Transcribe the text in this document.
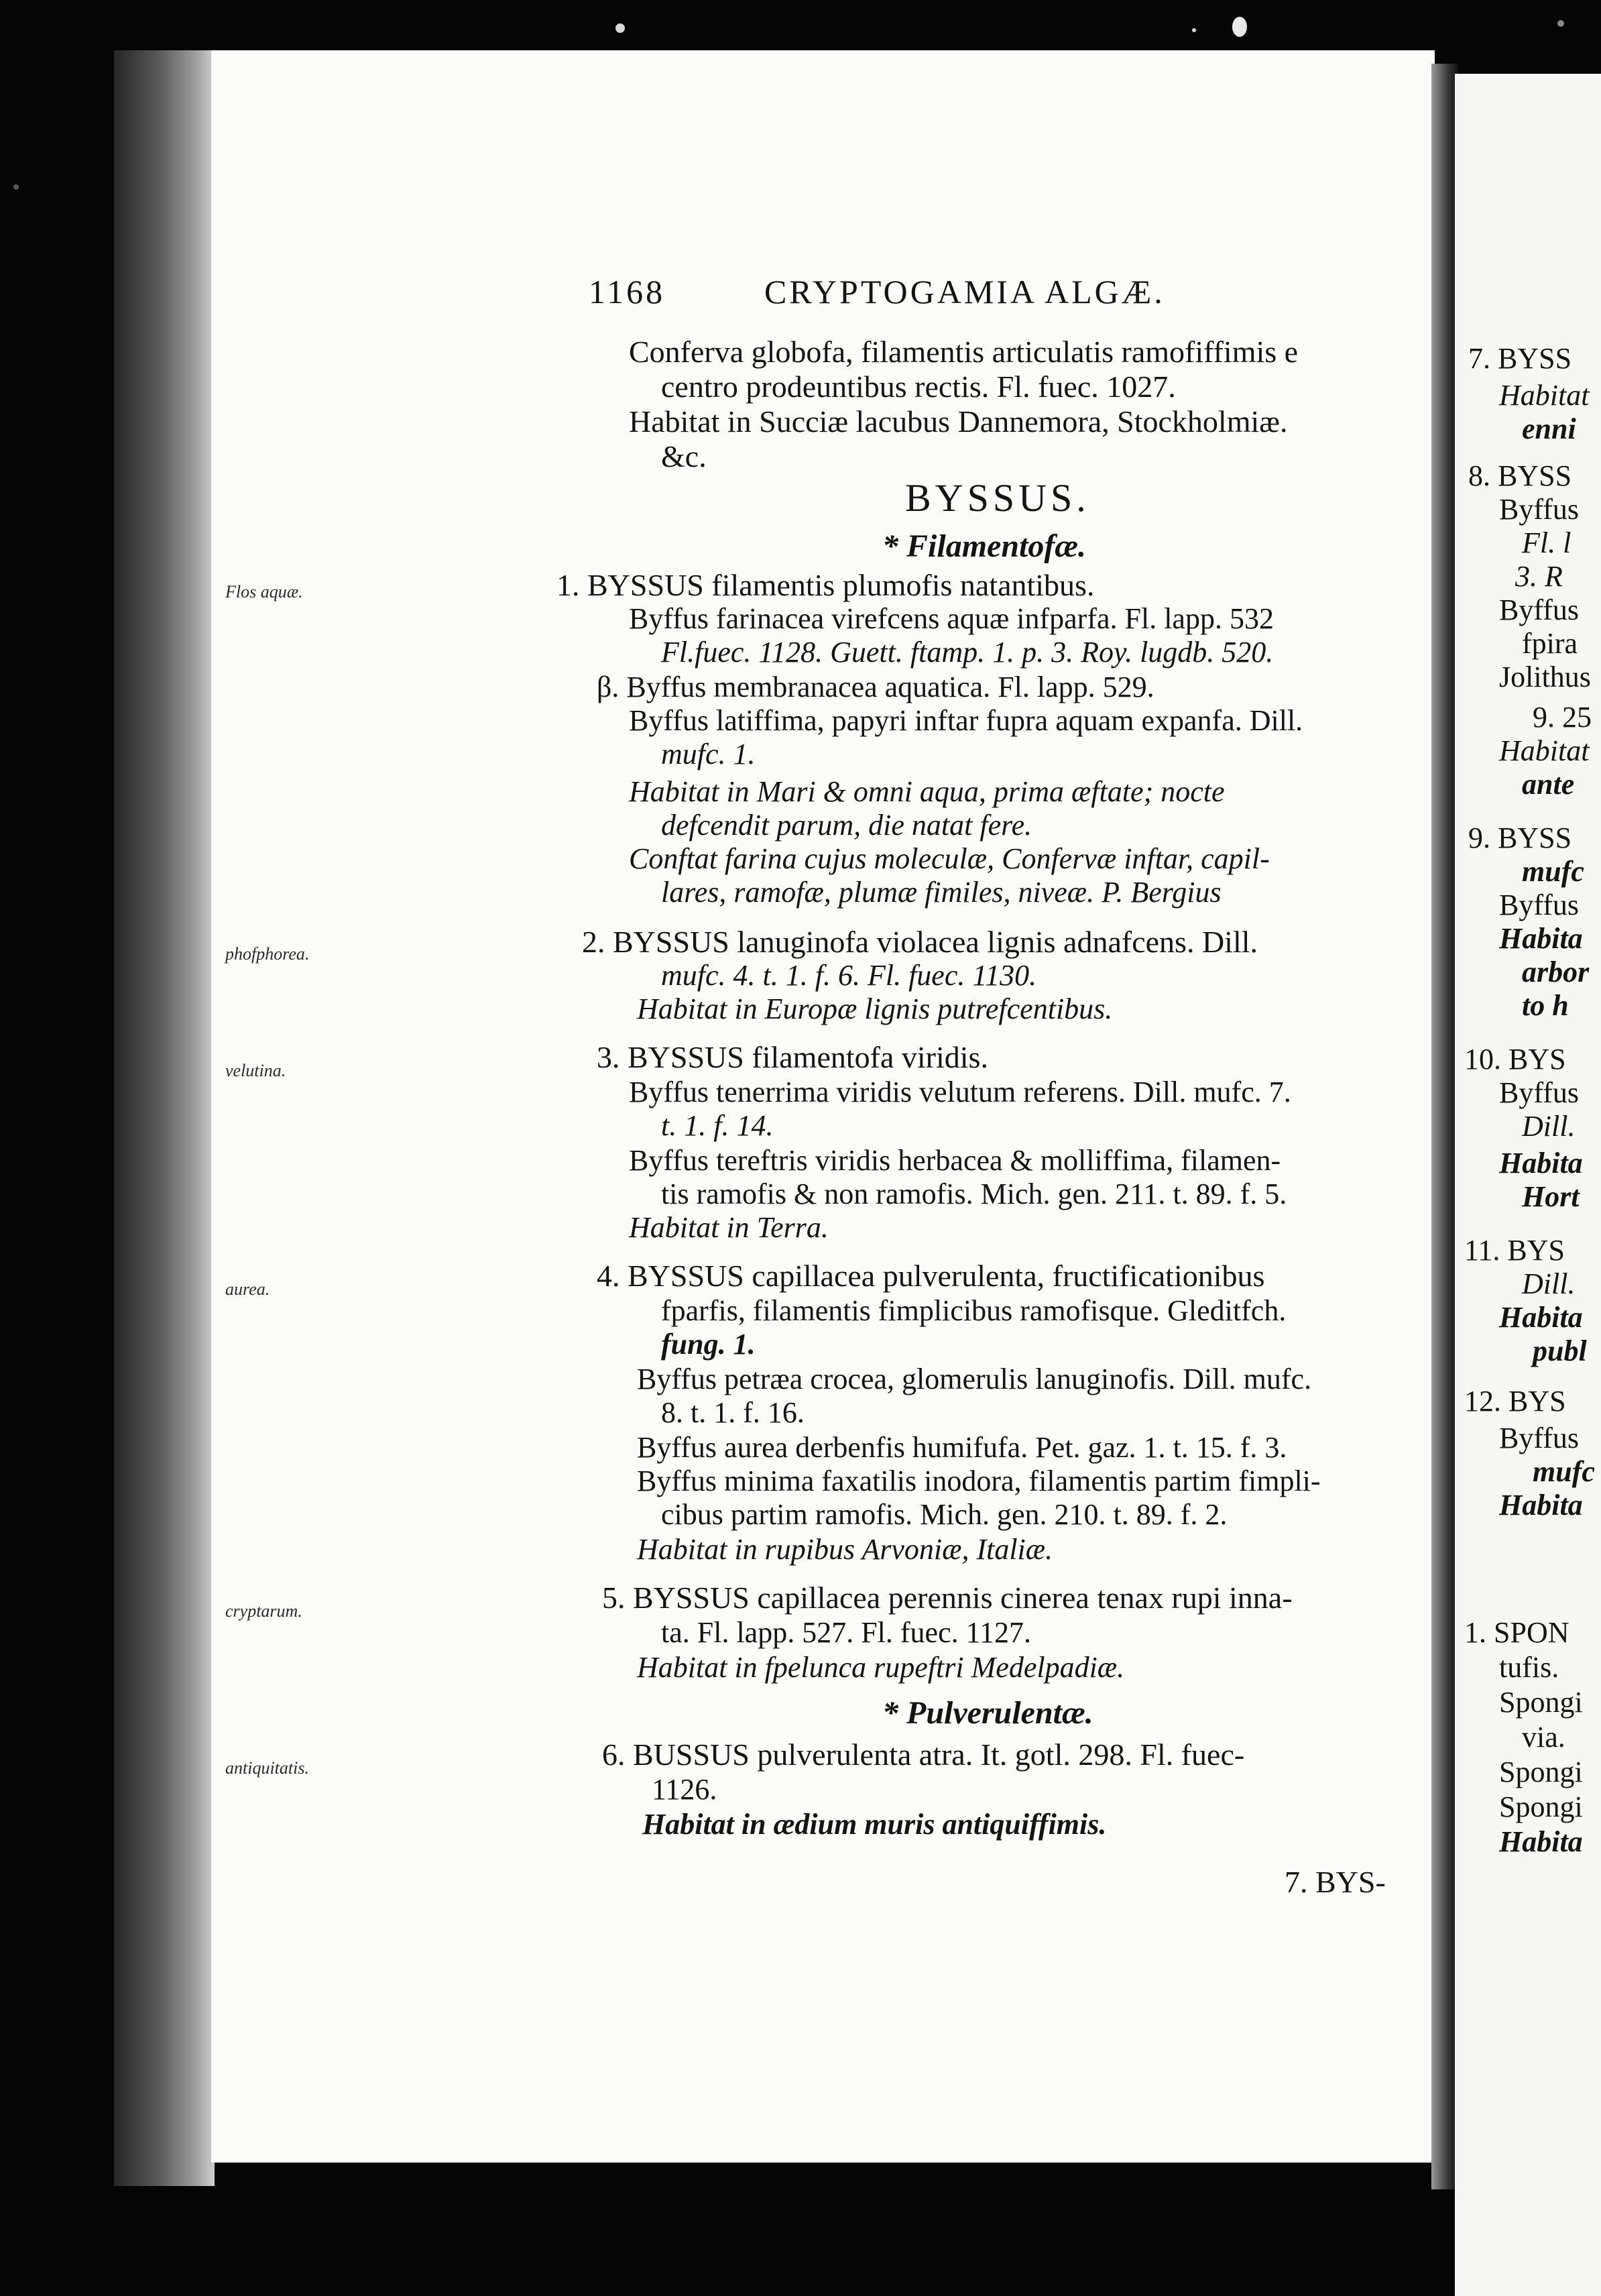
1168	CRYPTOGAMIA ALGÆ.
Conferva globofa, filamentis articulatis ramofiffimis e
centro prodeuntibus rectis. Fl. fuec. 1027.
Habitat in Succiæ lacubus Dannemora, Stockholmiæ.
&c.
BYSSUS.
* Filamentofæ.
Flos aquæ.	1. BYSSUS filamentis plumofis natantibus.
Byffus farinacea virefcens aquæ infparfa. Fl. lapp. 532
Fl.fuec. 1128. Guett. ftamp. 1. p. 3. Roy. lugdb. 520.
β. Byffus membranacea aquatica. Fl. lapp. 529.
Byffus latiffima, papyri inftar fupra aquam expanfa. Dill.
mufc. 1.
Habitat in Mari & omni aqua, prima æftate; nocte
defcendit parum, die natat fere.
Conftat farina cujus moleculæ, Confervæ inftar, capil-
lares, ramofæ, plumæ fimiles, niveæ. P. Bergius
phofphorea.	2. BYSSUS lanuginofa violacea lignis adnafcens. Dill.
mufc. 4. t. 1. f. 6. Fl. fuec. 1130.
Habitat in Europæ lignis putrefcentibus.
velutina.	3. BYSSUS filamentofa viridis.
Byffus tenerrima viridis velutum referens. Dill. mufc. 7.
t. 1. f. 14.
Byffus tereftris viridis herbacea & molliffima, filamen-
tis ramofis & non ramofis. Mich. gen. 211. t. 89. f. 5.
Habitat in Terra.
aurea.	4. BYSSUS capillacea pulverulenta, fructificationibus
fparfis, filamentis fimplicibus ramofisque. Gleditfch.
fung. 1.
Byffus petræa crocea, glomerulis lanuginofis. Dill. mufc.
8. t. 1. f. 16.
Byffus aurea derbenfis humifufa. Pet. gaz. 1. t. 15. f. 3.
Byffus minima faxatilis inodora, filamentis partim fimpli-
cibus partim ramofis. Mich. gen. 210. t. 89. f. 2.
Habitat in rupibus Arvoniæ, Italiæ.
cryptarum.	5. BYSSUS capillacea perennis cinerea tenax rupi inna-
ta. Fl. lapp. 527. Fl. fuec. 1127.
Habitat in fpelunca rupeftri Medelpadiæ.
* Pulverulentæ.
antiquitatis.	6. BUSSUS pulverulenta atra. It. gotl. 298. Fl. fuec-
1126.
Habitat in ædium muris antiquiffimis.
7. BYS-
7. BYSS
Habitat
enni
8. BYSS
Byffus
Fl. l
3. R
Byffus
fpira
Jolithus
9. 25
Habitat
ante
9. BYSS
mufc
Byffus
Habita
arbor
to h
10. BYS
Byffus
Dill.
Habita
Hort
11. BYS
Dill.
Habita
publ
12. BYS
Byffus
mufc
Habita
1. SPON
tufis.
Spongi
via.
Spongi
Spongi
Habita
